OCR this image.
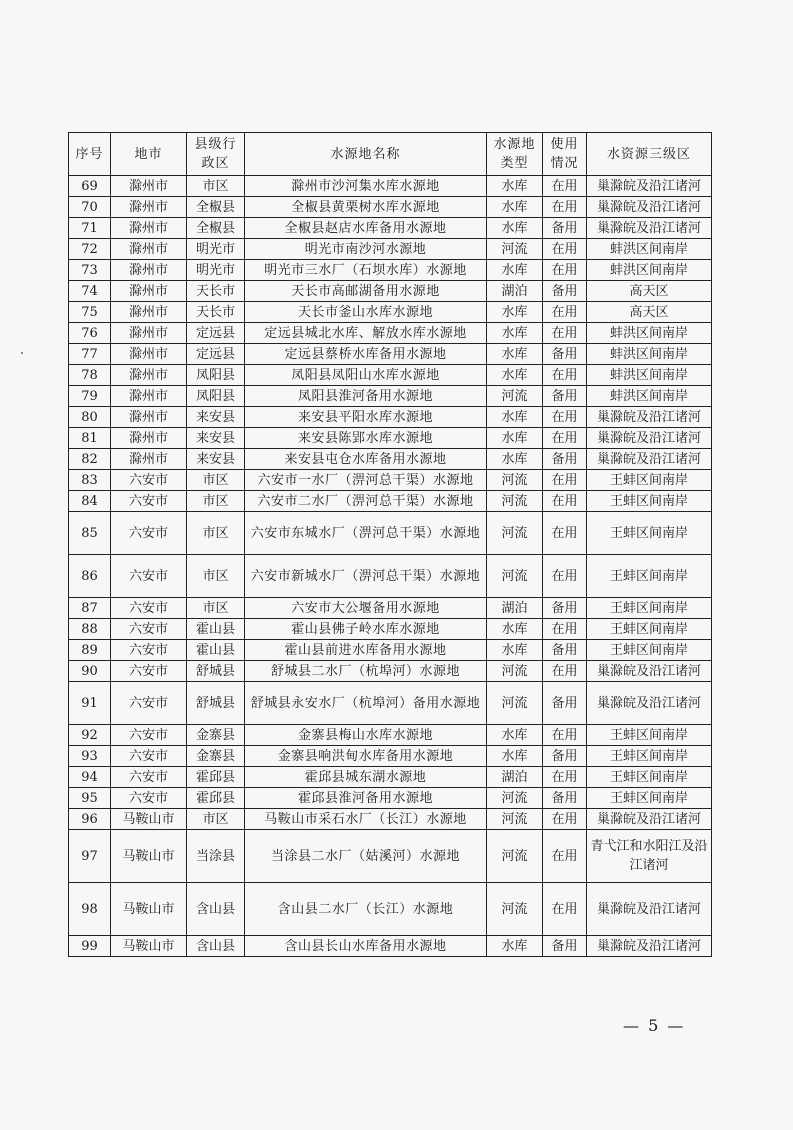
序号	地市	县级行政区	水源地名称	水源地类型	使用情况	水资源三级区
69	滁州市	市区	滁州市沙河集水库水源地	水库	在用	巢滁皖及沿江诸河
70	滁州市	全椒县	全椒县黄栗树水库水源地	水库	在用	巢滁皖及沿江诸河
71	滁州市	全椒县	全椒县赵店水库备用水源地	水库	备用	巢滁皖及沿江诸河
72	滁州市	明光市	明光市南沙河水源地	河流	在用	蚌洪区间南岸
73	滁州市	明光市	明光市三水厂（石坝水库）水源地	水库	在用	蚌洪区间南岸
74	滁州市	天长市	天长市高邮湖备用水源地	湖泊	备用	高天区
75	滁州市	天长市	天长市釜山水库水源地	水库	在用	高天区
76	滁州市	定远县	定远县城北水库、解放水库水源地	水库	在用	蚌洪区间南岸
77	滁州市	定远县	定远县蔡桥水库备用水源地	水库	备用	蚌洪区间南岸
78	滁州市	凤阳县	凤阳县凤阳山水库水源地	水库	在用	蚌洪区间南岸
79	滁州市	凤阳县	凤阳县淮河备用水源地	河流	备用	蚌洪区间南岸
80	滁州市	来安县	来安县平阳水库水源地	水库	在用	巢滁皖及沿江诸河
81	滁州市	来安县	来安县陈郢水库水源地	水库	在用	巢滁皖及沿江诸河
82	滁州市	来安县	来安县屯仓水库备用水源地	水库	备用	巢滁皖及沿江诸河
83	六安市	市区	六安市一水厂（淠河总干渠）水源地	河流	在用	王蚌区间南岸
84	六安市	市区	六安市二水厂（淠河总干渠）水源地	河流	在用	王蚌区间南岸
85	六安市	市区	六安市东城水厂（淠河总干渠）水源地	河流	在用	王蚌区间南岸
86	六安市	市区	六安市新城水厂（淠河总干渠）水源地	河流	在用	王蚌区间南岸
87	六安市	市区	六安市大公堰备用水源地	湖泊	备用	王蚌区间南岸
88	六安市	霍山县	霍山县佛子岭水库水源地	水库	在用	王蚌区间南岸
89	六安市	霍山县	霍山县前进水库备用水源地	水库	备用	王蚌区间南岸
90	六安市	舒城县	舒城县二水厂（杭埠河）水源地	河流	在用	巢滁皖及沿江诸河
91	六安市	舒城县	舒城县永安水厂（杭埠河）备用水源地	河流	备用	巢滁皖及沿江诸河
92	六安市	金寨县	金寨县梅山水库水源地	水库	在用	王蚌区间南岸
93	六安市	金寨县	金寨县响洪甸水库备用水源地	水库	备用	王蚌区间南岸
94	六安市	霍邱县	霍邱县城东湖水源地	湖泊	在用	王蚌区间南岸
95	六安市	霍邱县	霍邱县淮河备用水源地	河流	备用	王蚌区间南岸
96	马鞍山市	市区	马鞍山市采石水厂（长江）水源地	河流	在用	巢滁皖及沿江诸河
97	马鞍山市	当涂县	当涂县二水厂（姑溪河）水源地	河流	在用	青弋江和水阳江及沿江诸河
98	马鞍山市	含山县	含山县二水厂（长江）水源地	河流	在用	巢滁皖及沿江诸河
99	马鞍山市	含山县	含山县长山水库备用水源地	水库	备用	巢滁皖及沿江诸河
— 5 —
